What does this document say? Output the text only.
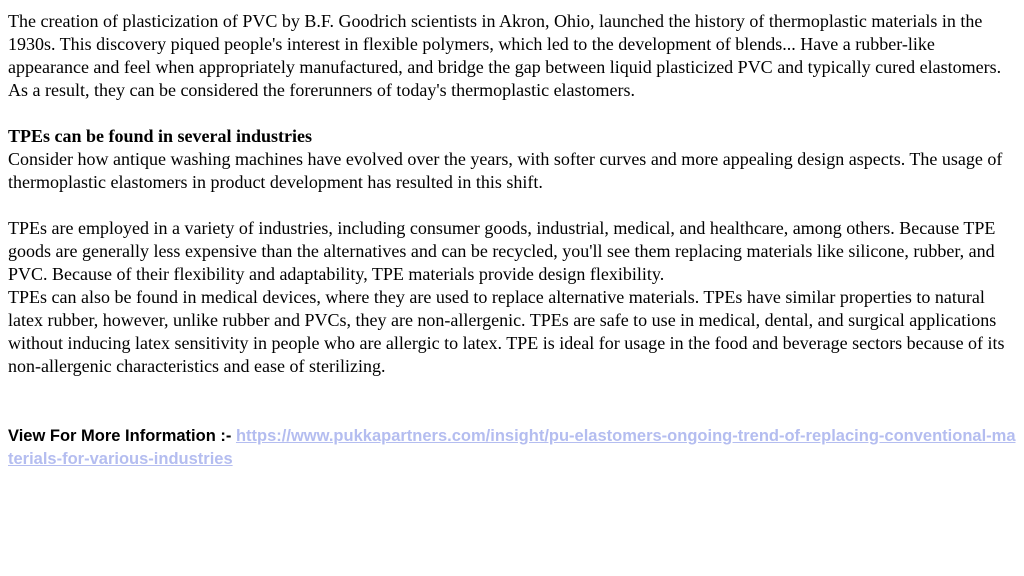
The creation of plasticization of PVC by B.F. Goodrich scientists in Akron, Ohio, launched the history of thermoplastic materials in the 1930s. This discovery piqued people's interest in flexible polymers, which led to the development of blends... Have a rubber-like appearance and feel when appropriately manufactured, and bridge the gap between liquid plasticized PVC and typically cured elastomers. As a result, they can be considered the forerunners of today's thermoplastic elastomers.

TPEs can be found in several industries

Consider how antique washing machines have evolved over the years, with softer curves and more appealing design aspects. The usage of thermoplastic elastomers in product development has resulted in this shift.

TPEs are employed in a variety of industries, including consumer goods, industrial, medical, and healthcare, among others. Because TPE goods are generally less expensive than the alternatives and can be recycled, you'll see them replacing materials like silicone, rubber, and PVC. Because of their flexibility and adaptability, TPE materials provide design flexibility.

TPEs can also be found in medical devices, where they are used to replace alternative materials. TPEs have similar properties to natural latex rubber, however, unlike rubber and PVCs, they are non-allergenic. TPEs are safe to use in medical, dental, and surgical applications without inducing latex sensitivity in people who are allergic to latex. TPE is ideal for usage in the food and beverage sectors because of its non-allergenic characteristics and ease of sterilizing.

View For More Information :- https://www.pukkapartners.com/insight/pu-elastomers-ongoing-trend-of-replacing-conventional-materials-for-various-industries
